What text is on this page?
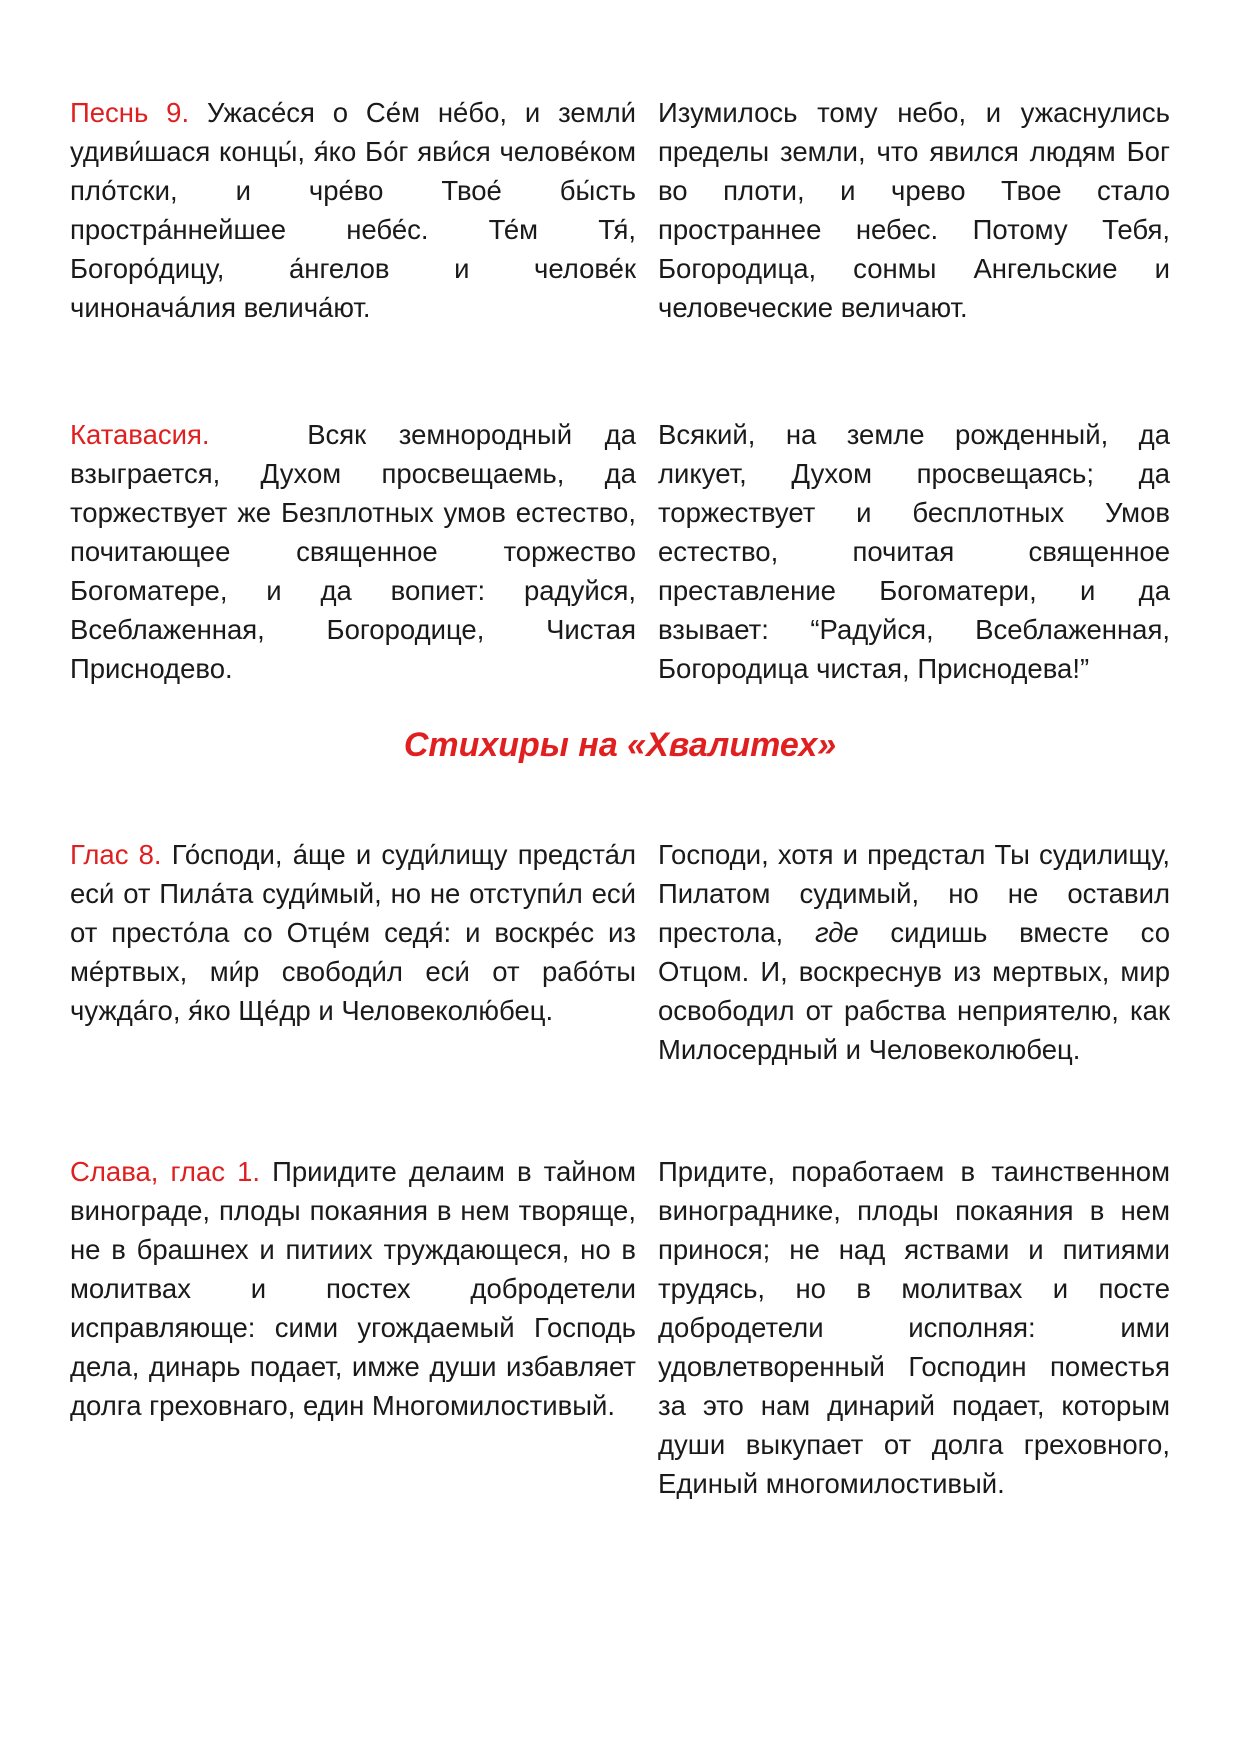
Песнь 9. Ужасе́ся о Се́м не́бо, и земли́ удиви́шася концы́, я́ко Бо́г яви́ся челове́ком пло́тски, и чре́во Твое́ бы́сть простра́ннейшее небе́с. Те́м Тя́, Богоро́дицу, а́нгелов и челове́к чиноначáлия велича́ют.

Изумилось тому небо, и ужаснулись пределы земли, что явился людям Бог во плоти, и чрево Твое стало пространнее небес. Потому Тебя, Богородица, сонмы Ангельские и человеческие величают.

Катавасия.	Всяк земнородный да взыграется, Духом просвещаемь, да торжествует же Безплотных умов естество, почитающее священное торжество Богоматере, и да вопиет: радуйся, Всеблаженная, Богородице, Чистая Приснодево.

Всякий, на земле рожденный, да ликует, Духом просвещаясь; да торжествует и бесплотных Умов естество, почитая священное преставление Богоматери, и да взывает: “Радуйся, Всеблаженная, Богородица чистая, Приснодева!”

Стихиры на «Хвалитех»

Глас 8. Го́споди, а́ще и суди́лищу предста́л еси́ от Пила́та суди́мый, но не отступи́л еси́ от престо́ла со Отце́м седя́: и воскре́с из ме́ртвых, ми́р свободи́л еси́ от рабо́ты чужда́го, я́ко Ще́др и Человеколю́бец.

Господи, хотя и предстал Ты судилищу, Пилатом судимый, но не оставил престола, где сидишь вместе со Отцом. И, воскреснув из мертвых, мир освободил от рабства неприятелю, как Милосердный и Человеколюбец.

Слава, глас 1. Приидите делаим в тайном винограде, плоды покаяния в нем творяще, не в брашнех и питиих труждающеся, но в молитвах и постех добродетели исправляюще: сими угождаемый Господь дела, динарь подает, имже души избавляет долга греховнаго, един Многомилостивый.

Придите, поработаем в таинственном винограднике, плоды покаяния в нем принося; не над яствами и питиями трудясь, но в молитвах и посте добродетели исполняя: ими удовлетворенный Господин поместья за это нам динарий подает, которым души выкупает от долга греховного, Единый многомилостивый.
